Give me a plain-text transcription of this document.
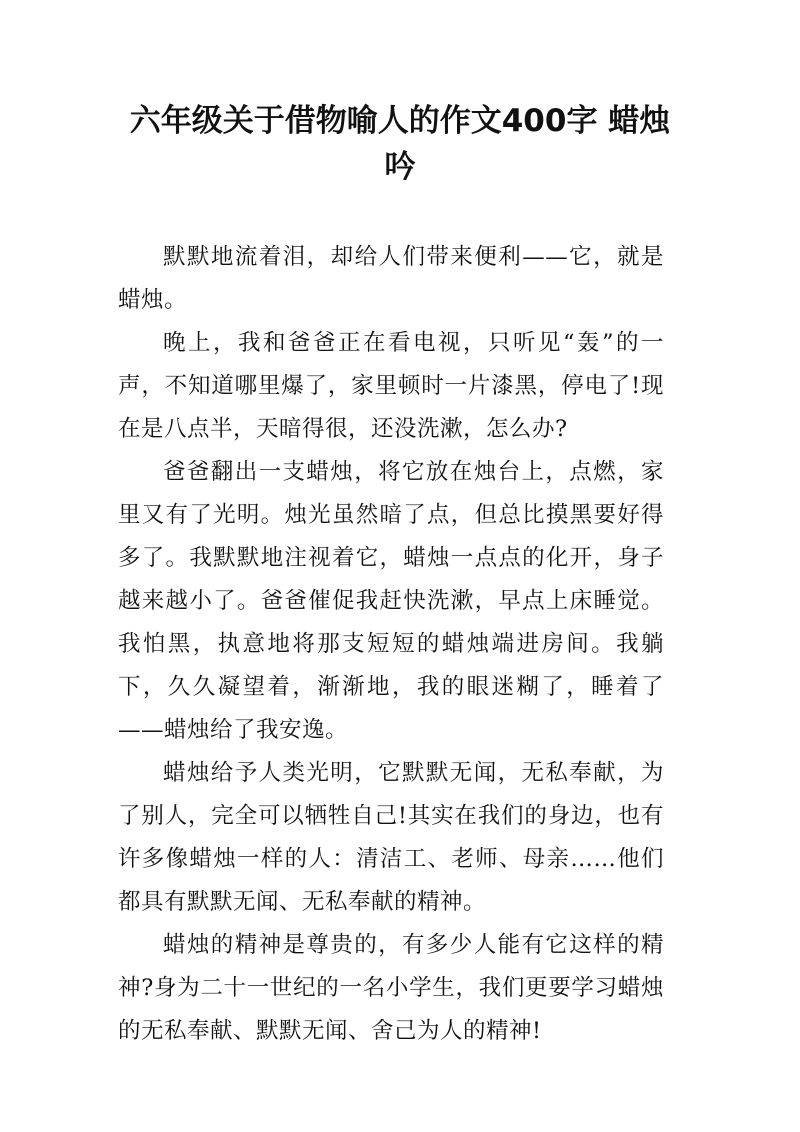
六年级关于借物喻人的作文400字 蜡烛吟

默默地流着泪，却给人们带来便利——它，就是蜡烛。

晚上，我和爸爸正在看电视，只听见“轰”的一声，不知道哪里爆了，家里顿时一片漆黑，停电了!现在是八点半，天暗得很，还没洗漱，怎么办?

爸爸翻出一支蜡烛，将它放在烛台上，点燃，家里又有了光明。烛光虽然暗了点，但总比摸黑要好得多了。我默默地注视着它，蜡烛一点点的化开，身子越来越小了。爸爸催促我赶快洗漱，早点上床睡觉。我怕黑，执意地将那支短短的蜡烛端进房间。我躺下，久久凝望着，渐渐地，我的眼迷糊了，睡着了——蜡烛给了我安逸。

蜡烛给予人类光明，它默默无闻，无私奉献，为了别人，完全可以牺牲自己!其实在我们的身边，也有许多像蜡烛一样的人：清洁工、老师、母亲……他们都具有默默无闻、无私奉献的精神。

蜡烛的精神是尊贵的，有多少人能有它这样的精神?身为二十一世纪的一名小学生，我们更要学习蜡烛的无私奉献、默默无闻、舍己为人的精神!
